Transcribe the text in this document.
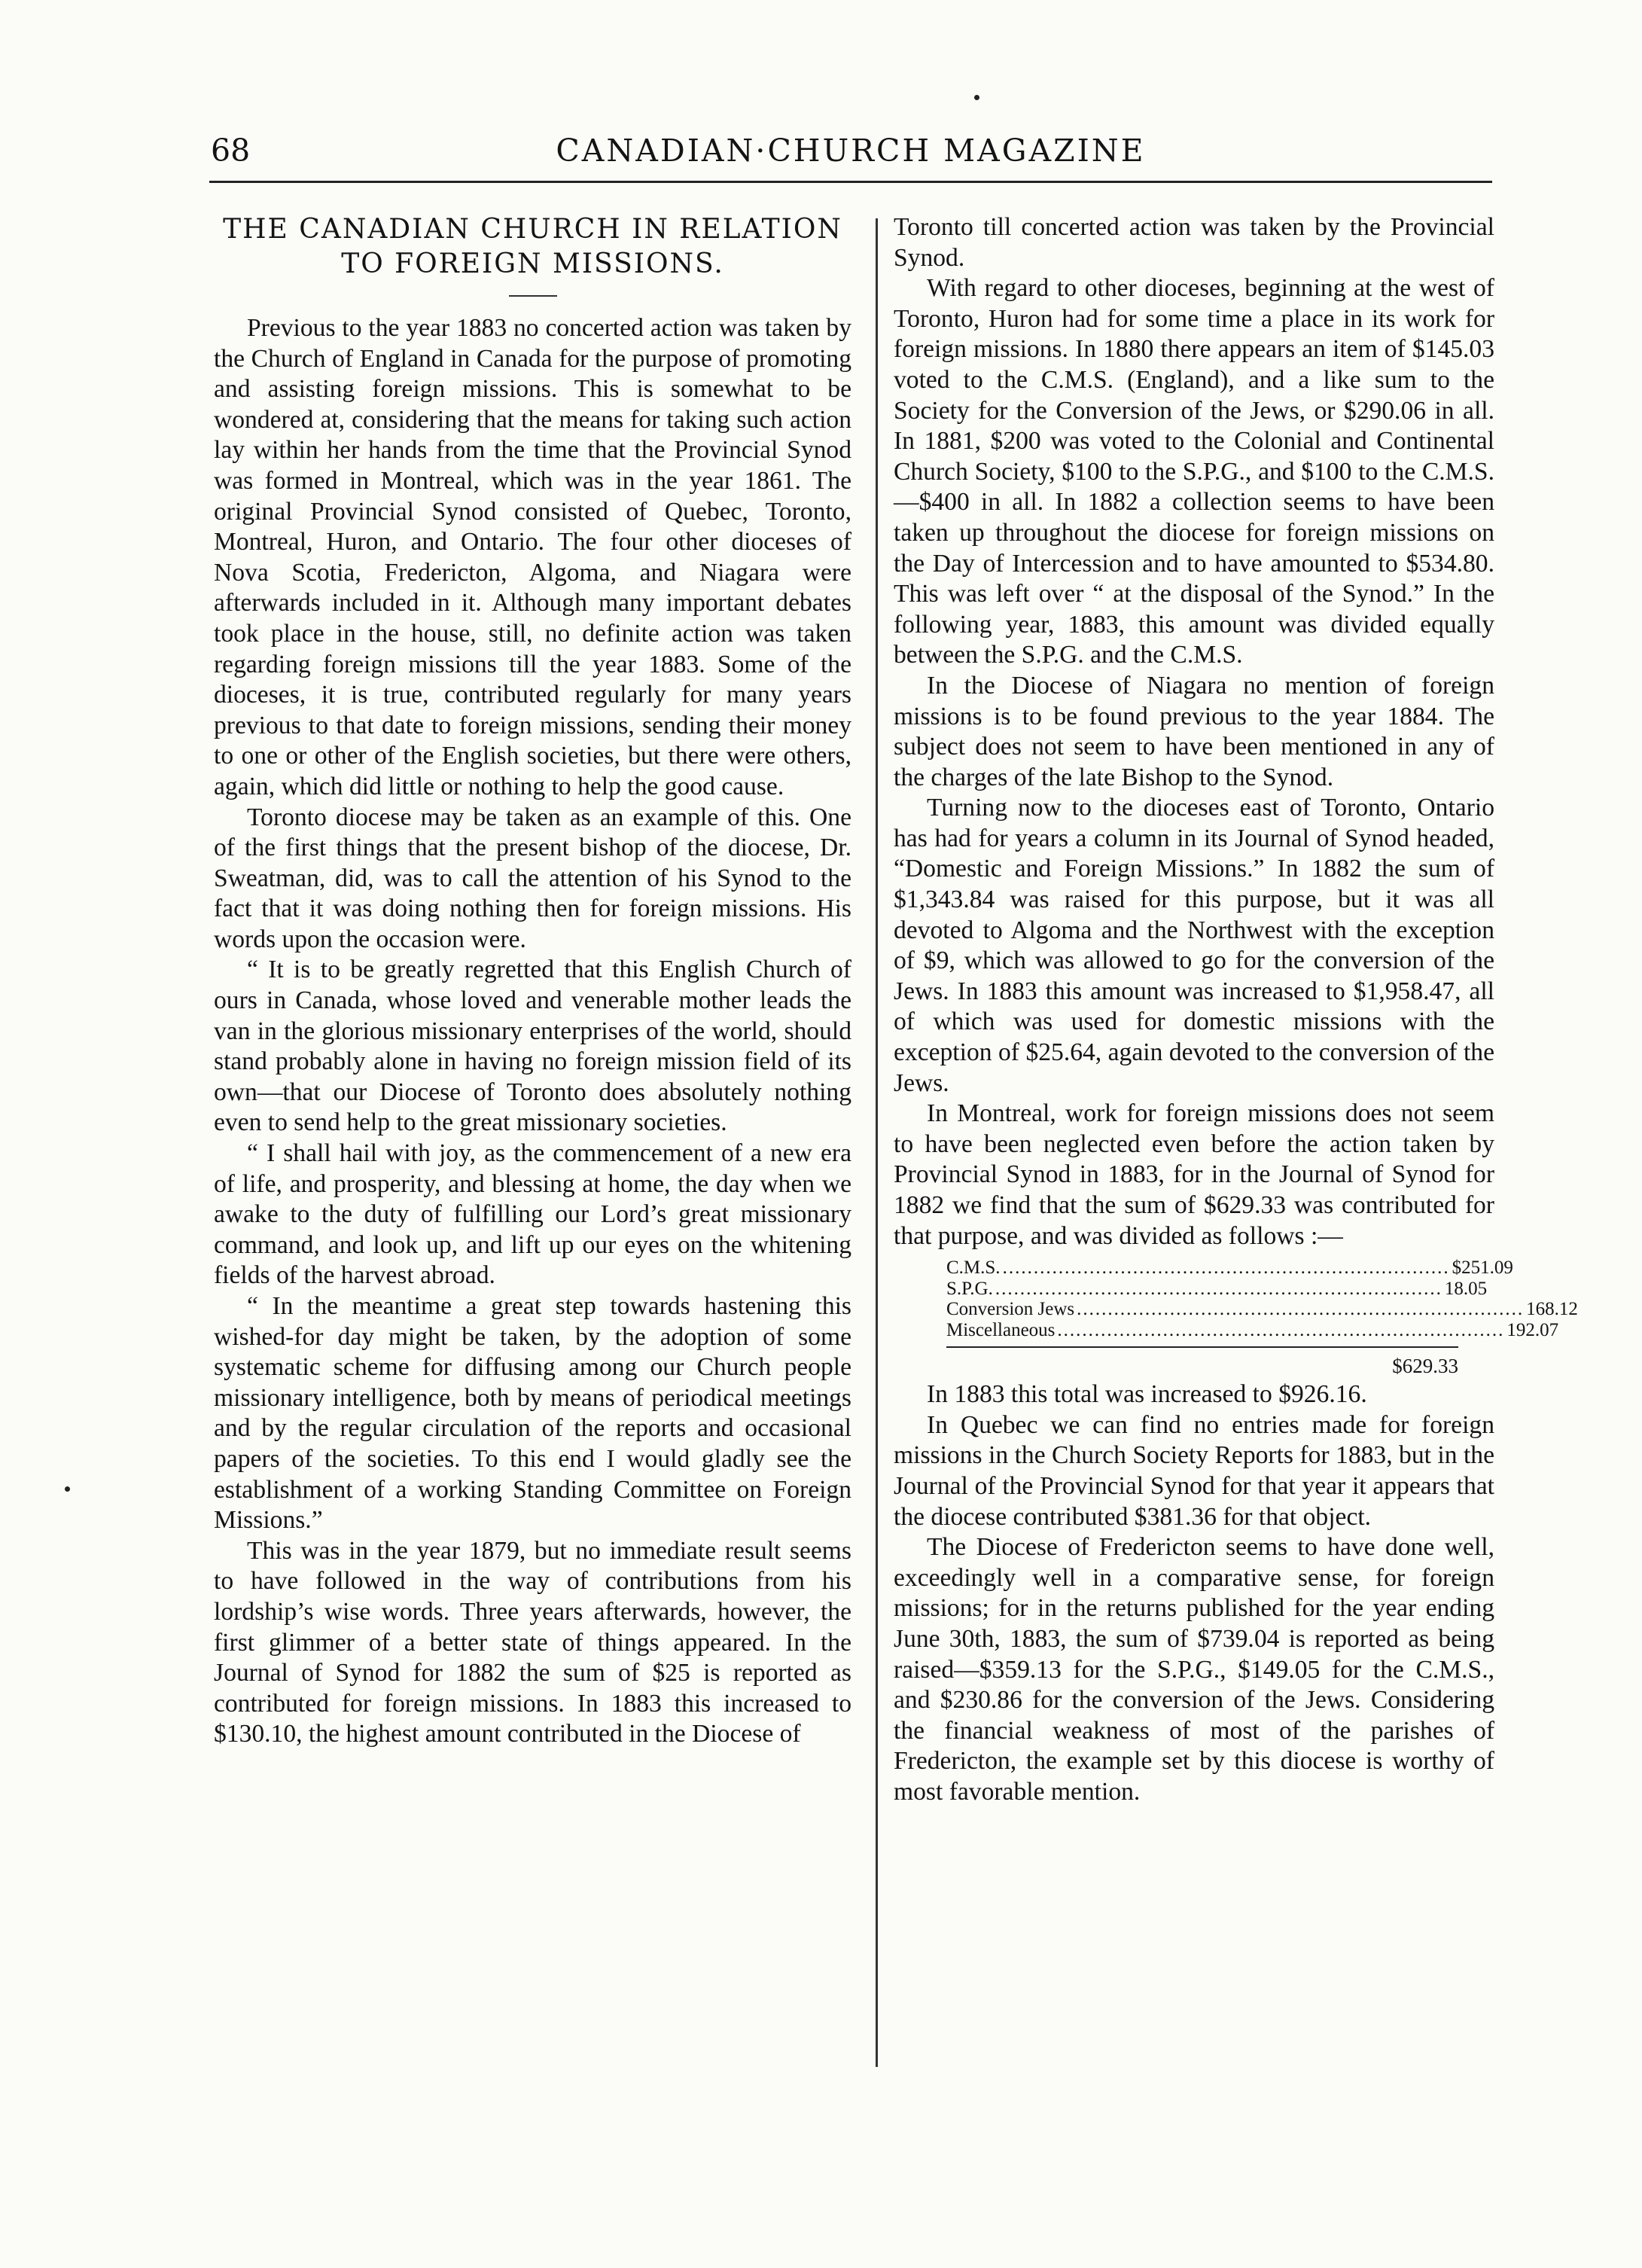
68	CANADIAN·CHURCH MAGAZINE
THE CANADIAN CHURCH IN RELATION TO FOREIGN MISSIONS.

Previous to the year 1883 no concerted action was taken by the Church of England in Canada for the purpose of promoting and assisting foreign missions. This is somewhat to be wondered at, considering that the means for taking such action lay within her hands from the time that the Provincial Synod was formed in Montreal, which was in the year 1861. The original Provincial Synod consisted of Quebec, Toronto, Montreal, Huron, and Ontario. The four other dioceses of Nova Scotia, Fredericton, Algoma, and Niagara were afterwards included in it. Although many important debates took place in the house, still, no definite action was taken regarding foreign missions till the year 1883. Some of the dioceses, it is true, contributed regularly for many years previous to that date to foreign missions, sending their money to one or other of the English societies, but there were others, again, which did little or nothing to help the good cause.

Toronto diocese may be taken as an example of this. One of the first things that the present bishop of the diocese, Dr. Sweatman, did, was to call the attention of his Synod to the fact that it was doing nothing then for foreign missions. His words upon the occasion were.

“ It is to be greatly regretted that this English Church of ours in Canada, whose loved and venerable mother leads the van in the glorious missionary enterprises of the world, should stand probably alone in having no foreign mission field of its own—that our Diocese of Toronto does absolutely nothing even to send help to the great missionary societies.

“ I shall hail with joy, as the commencement of a new era of life, and prosperity, and blessing at home, the day when we awake to the duty of fulfilling our Lord’s great missionary command, and look up, and lift up our eyes on the whitening fields of the harvest abroad.

“ In the meantime a great step towards hastening this wished-for day might be taken, by the adoption of some systematic scheme for diffusing among our Church people missionary intelligence, both by means of periodical meetings and by the regular circulation of the reports and occasional papers of the societies. To this end I would gladly see the establishment of a working Standing Committee on Foreign Missions.”

This was in the year 1879, but no immediate result seems to have followed in the way of contributions from his lordship’s wise words. Three years afterwards, however, the first glimmer of a better state of things appeared. In the Journal of Synod for 1882 the sum of $25 is reported as contributed for foreign missions. In 1883 this increased to $130.10, the highest amount contributed in the Diocese of

Toronto till concerted action was taken by the Provincial Synod.

With regard to other dioceses, beginning at the west of Toronto, Huron had for some time a place in its work for foreign missions. In 1880 there appears an item of $145.03 voted to the C.M.S. (England), and a like sum to the Society for the Conversion of the Jews, or $290.06 in all. In 1881, $200 was voted to the Colonial and Continental Church Society, $100 to the S.P.G., and $100 to the C.M.S.—$400 in all. In 1882 a collection seems to have been taken up throughout the diocese for foreign missions on the Day of Intercession and to have amounted to $534.80. This was left over “ at the disposal of the Synod.” In the following year, 1883, this amount was divided equally between the S.P.G. and the C.M.S.

In the Diocese of Niagara no mention of foreign missions is to be found previous to the year 1884. The subject does not seem to have been mentioned in any of the charges of the late Bishop to the Synod.

Turning now to the dioceses east of Toronto, Ontario has had for years a column in its Journal of Synod headed, “Domestic and Foreign Missions.” In 1882 the sum of $1,343.84 was raised for this purpose, but it was all devoted to Algoma and the Northwest with the exception of $9, which was allowed to go for the conversion of the Jews. In 1883 this amount was increased to $1,958.47, all of which was used for domestic missions with the exception of $25.64, again devoted to the conversion of the Jews.

In Montreal, work for foreign missions does not seem to have been neglected even before the action taken by Provincial Synod in 1883, for in the Journal of Synod for 1882 we find that the sum of $629.33 was contributed for that purpose, and was divided as follows :—

C.M.S. ........................................................................ $251.09
S.P.G. ........................................................................ 18.05
Conversion Jews ........................................................................ 168.12
Miscellaneous ........................................................................ 192.07
$629.33

In 1883 this total was increased to $926.16.

In Quebec we can find no entries made for foreign missions in the Church Society Reports for 1883, but in the Journal of the Provincial Synod for that year it appears that the diocese contributed $381.36 for that object.

The Diocese of Fredericton seems to have done well, exceedingly well in a comparative sense, for foreign missions; for in the returns published for the year ending June 30th, 1883, the sum of $739.04 is reported as being raised—$359.13 for the S.P.G., $149.05 for the C.M.S., and $230.86 for the conversion of the Jews. Considering the financial weakness of most of the parishes of Fredericton, the example set by this diocese is worthy of most favorable mention.
